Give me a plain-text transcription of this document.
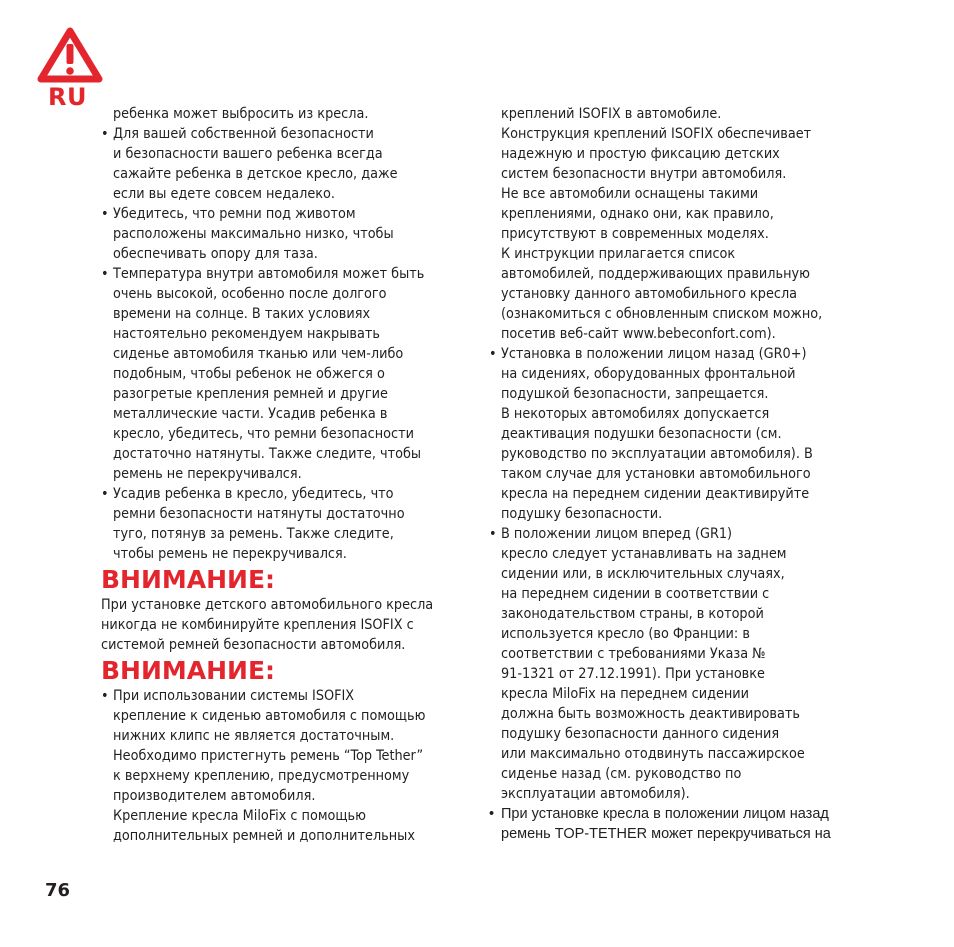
RU
ребенка может выбросить из кресла.
• Для вашей собственной безопасности
и безопасности вашего ребенка всегда
сажайте ребенка в детское кресло, даже
если вы едете совсем недалеко.
• Убедитесь, что ремни под животом
расположены максимально низко, чтобы
обеспечивать опору для таза.
• Температура внутри автомобиля может быть
очень высокой, особенно после долгого
времени на солнце. В таких условиях
настоятельно рекомендуем накрывать
сиденье автомобиля тканью или чем-либо
подобным, чтобы ребенок не обжегся о
разогретые крепления ремней и другие
металлические части. Усадив ребенка в
кресло, убедитесь, что ремни безопасности
достаточно натянуты. Также следите, чтобы
ремень не перекручивался.
• Усадив ребенка в кресло, убедитесь, что
ремни безопасности натянуты достаточно
туго, потянув за ремень. Также следите,
чтобы ремень не перекручивался.
ВНИМАНИЕ:
При установке детского автомобильного кресла
никогда не комбинируйте крепления ISOFIX с
системой ремней безопасности автомобиля.
ВНИМАНИЕ:
• При использовании системы ISOFIX
крепление к сиденью автомобиля с помощью
нижних клипс не является достаточным.
Необходимо пристегнуть ремень “Top Tether”
к верхнему креплению, предусмотренному
производителем автомобиля.
Крепление кресла MiloFix с помощью
дополнительных ремней и дополнительных
креплений ISOFIX в автомобиле.
Конструкция креплений ISOFIX обеспечивает
надежную и простую фиксацию детских
систем безопасности внутри автомобиля.
Не все автомобили оснащены такими
креплениями, однако они, как правило,
присутствуют в современных моделях.
К инструкции прилагается список
автомобилей, поддерживающих правильную
установку данного автомобильного кресла
(ознакомиться с обновленным списком можно,
посетив веб-сайт www.bebeconfort.com).
• Установка в положении лицом назад (GR0+)
на сидениях, оборудованных фронтальной
подушкой безопасности, запрещается.
В некоторых автомобилях допускается
деактивация подушки безопасности (см.
руководство по эксплуатации автомобиля). В
таком случае для установки автомобильного
кресла на переднем сидении деактивируйте
подушку безопасности.
• В положении лицом вперед (GR1)
кресло следует устанавливать на заднем
сидении или, в исключительных случаях,
на переднем сидении в соответствии с
законодательством страны, в которой
используется кресло (во Франции: в
соответствии с требованиями Указа №
91-1321 от 27.12.1991). При установке
кресла MiloFix на переднем сидении
должна быть возможность деактивировать
подушку безопасности данного сидения
или максимально отодвинуть пассажирское
сиденье назад (см. руководство по
эксплуатации автомобиля).
• При установке кресла в положении лицом назад
ремень TOP-TETHER может перекручиваться на
76
